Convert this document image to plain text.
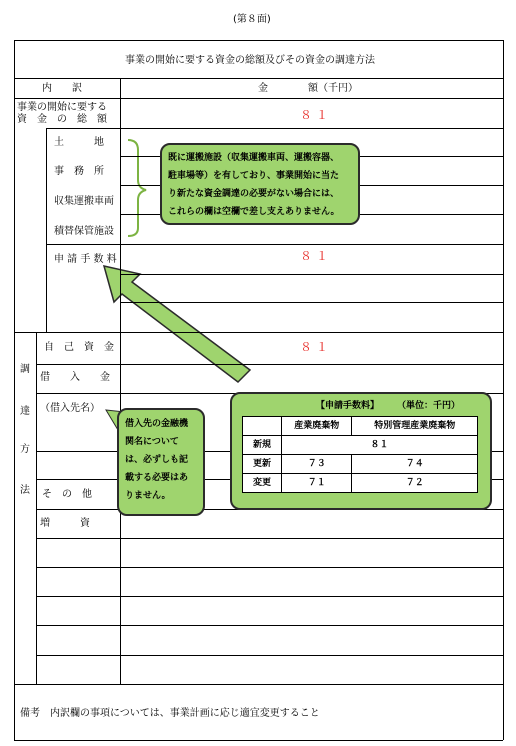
(第８面)
事業の開始に要する資金の総額及びその資金の調達方法
内　　訳	金　　　　額（千円）
事業の開始に要する
資　金　の　総　額	８１
土　　　地
事　務　所
収集運搬車両
積替保管施設
申 請 手 数 料	８１
調
達
方
法
自　己　資　金	８１
借　　入　　金
（借入先名）
そ　の　他
増　　　資
備考　内訳欄の事項については、事業計画に応じ適宜変更すること
既に運搬施設（収集運搬車両、運搬容器、
駐車場等）を有しており、事業開始に当た
り新たな資金調達の必要がない場合には、
これらの欄は空欄で差し支えありません。
借入先の金融機
関名について
は、必ずしも記
載する必要はあ
りません。
【申請手数料】　　　（単位：千円）
	産業廃棄物	特別管理産業廃棄物
新規	８１	
更新	７３	７４
変更	７１	７２
